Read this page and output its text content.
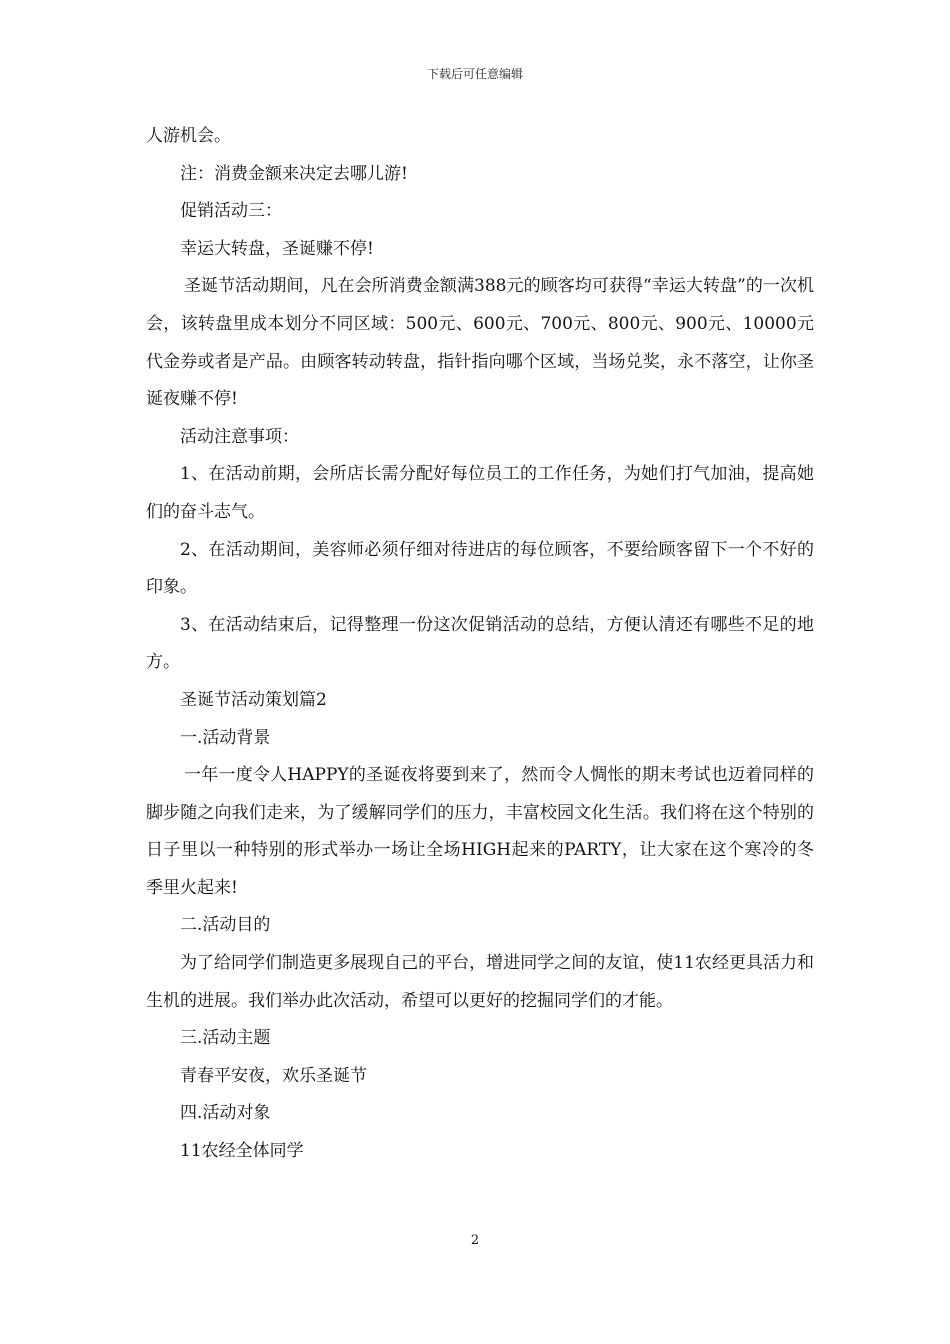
下载后可任意编辑

人游机会。

注：消费金额来决定去哪儿游!

促销活动三：

幸运大转盘，圣诞赚不停!

圣诞节活动期间，凡在会所消费金额满388元的顾客均可获得“幸运大转盘”的一次机会，该转盘里成本划分不同区域：500元、600元、700元、800元、900元、10000元代金券或者是产品。由顾客转动转盘，指针指向哪个区域，当场兑奖，永不落空，让你圣诞夜赚不停!

活动注意事项：

1、在活动前期，会所店长需分配好每位员工的工作任务，为她们打气加油，提高她们的奋斗志气。

2、在活动期间，美容师必须仔细对待进店的每位顾客，不要给顾客留下一个不好的印象。

3、在活动结束后，记得整理一份这次促销活动的总结，方便认清还有哪些不足的地方。

圣诞节活动策划篇2

一.活动背景

一年一度令人HAPPY的圣诞夜将要到来了，然而令人惆怅的期末考试也迈着同样的脚步随之向我们走来，为了缓解同学们的压力，丰富校园文化生活。我们将在这个特别的日子里以一种特别的形式举办一场让全场HIGH起来的PARTY，让大家在这个寒冷的冬季里火起来!

二.活动目的

为了给同学们制造更多展现自己的平台，增进同学之间的友谊，使11农经更具活力和生机的进展。我们举办此次活动，希望可以更好的挖掘同学们的才能。

三.活动主题

青春平安夜，欢乐圣诞节

四.活动对象

11农经全体同学

2
